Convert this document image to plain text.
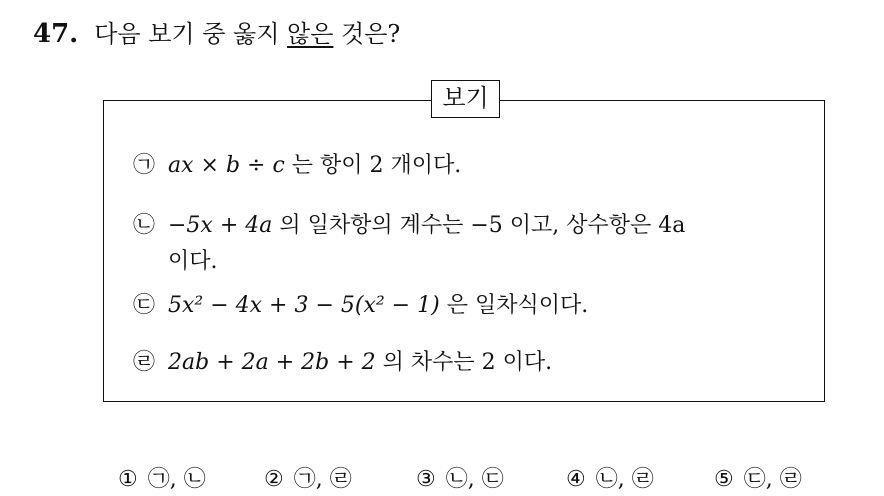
47. 다음 보기 중 옳지 않은 것은?
보기
㉠ ax × b ÷ c 는 항이 2 개이다.
㉡ −5x + 4a 의 일차항의 계수는 −5 이고, 상수항은 4a
이다.
㉢ 5x² − 4x + 3 − 5(x² − 1) 은 일차식이다.
㉣ 2ab + 2a + 2b + 2 의 차수는 2 이다.
① ㉠, ㉡	② ㉠, ㉣	③ ㉡, ㉢	④ ㉡, ㉣	⑤ ㉢, ㉣
